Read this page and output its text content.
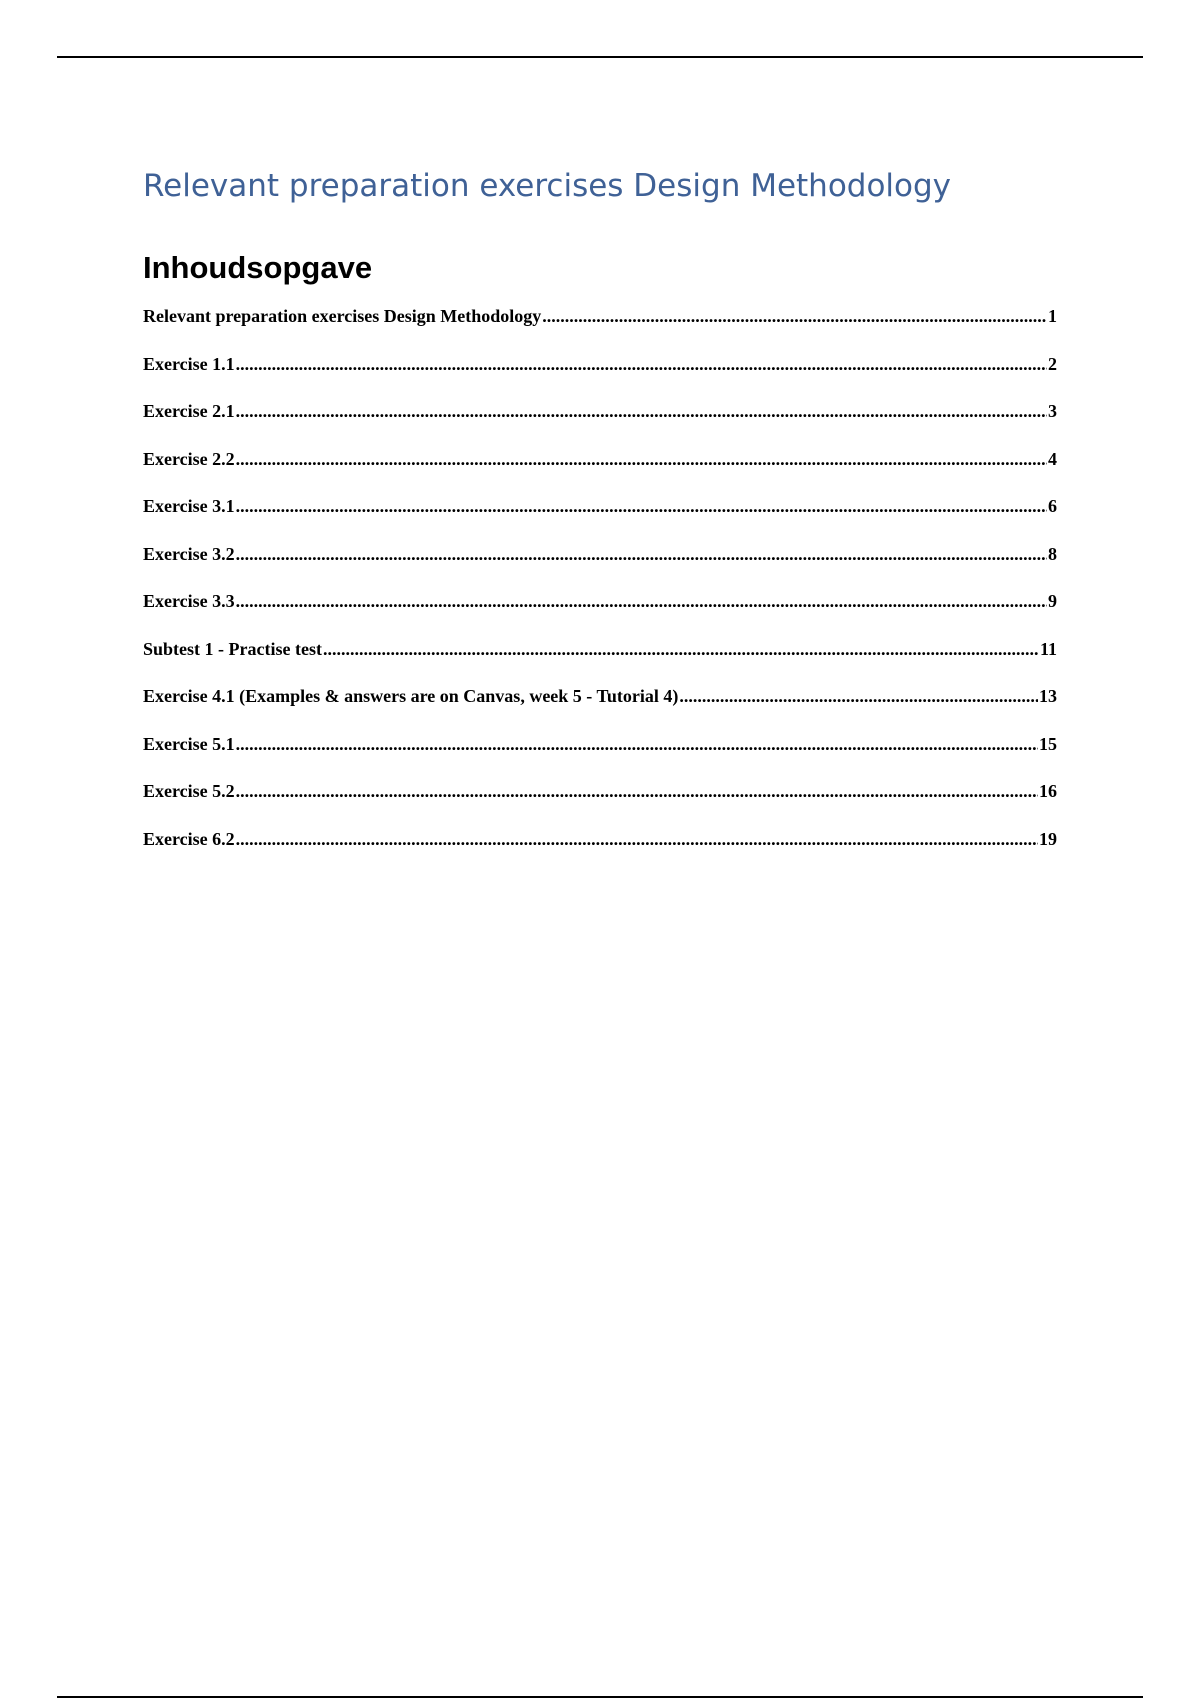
Relevant preparation exercises Design Methodology
Inhoudsopgave
Relevant preparation exercises Design Methodology .....	1
Exercise 1.1 .....	2
Exercise 2.1 .....	3
Exercise 2.2 .....	4
Exercise 3.1 .....	6
Exercise 3.2 .....	8
Exercise 3.3 .....	9
Subtest 1 - Practise test .....	11
Exercise 4.1 (Examples & answers are on Canvas, week 5 - Tutorial 4) .....	13
Exercise 5.1 .....	15
Exercise 5.2 .....	16
Exercise 6.2 .....	19
